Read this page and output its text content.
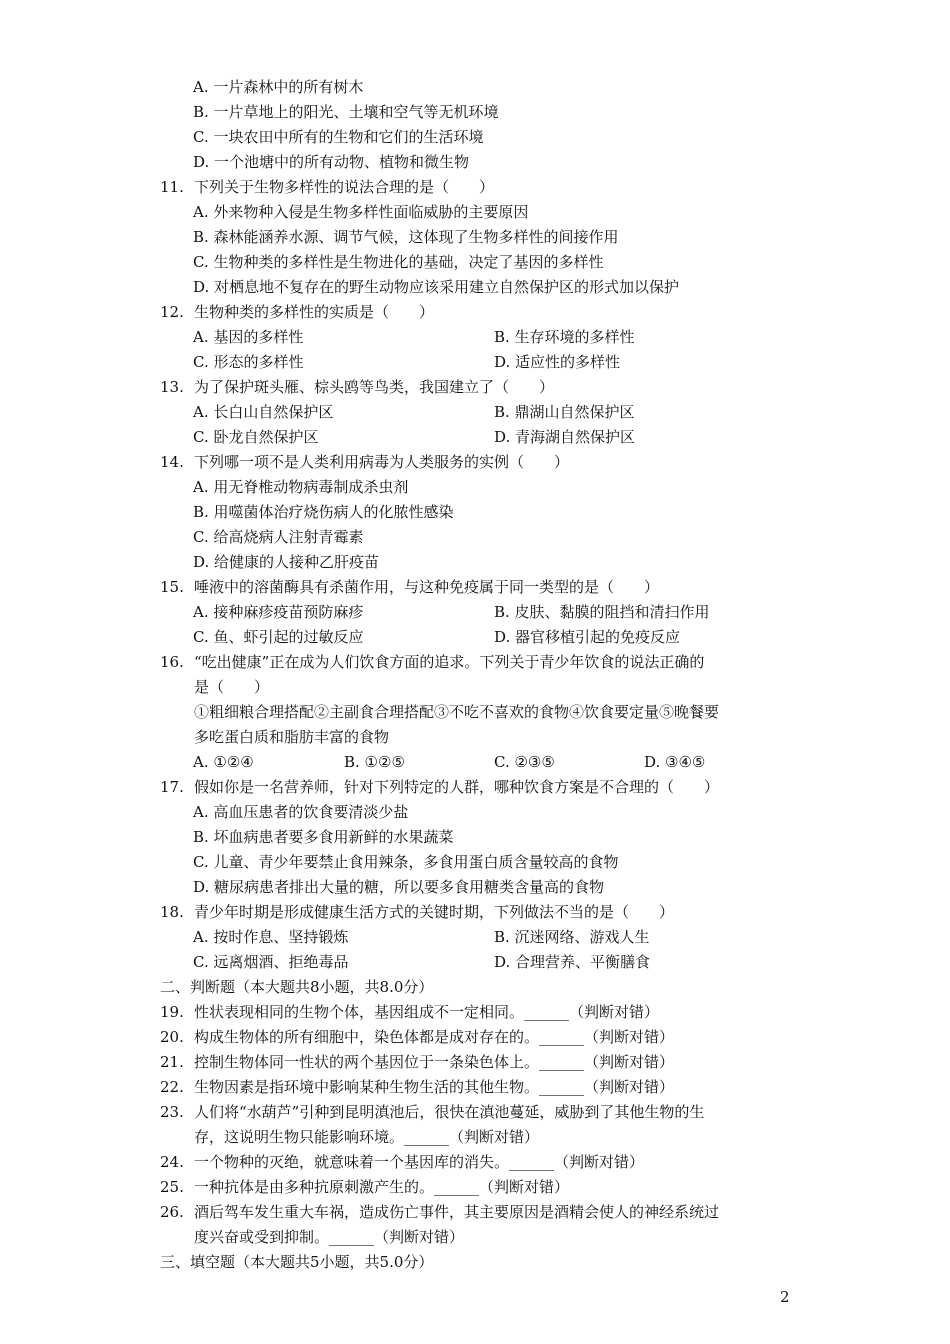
A. 一片森林中的所有树木
B. 一片草地上的阳光、土壤和空气等无机环境
C. 一块农田中所有的生物和它们的生活环境
D. 一个池塘中的所有动物、植物和微生物
11. 下列关于生物多样性的说法合理的是（　　）
A. 外来物种入侵是生物多样性面临威胁的主要原因
B. 森林能涵养水源、调节气候，这体现了生物多样性的间接作用
C. 生物种类的多样性是生物进化的基础，决定了基因的多样性
D. 对栖息地不复存在的野生动物应该采用建立自然保护区的形式加以保护
12. 生物种类的多样性的实质是（　　）
A. 基因的多样性	B. 生存环境的多样性
C. 形态的多样性	D. 适应性的多样性
13. 为了保护斑头雁、棕头鸥等鸟类，我国建立了（　　）
A. 长白山自然保护区	B. 鼎湖山自然保护区
C. 卧龙自然保护区	D. 青海湖自然保护区
14. 下列哪一项不是人类利用病毒为人类服务的实例（　　）
A. 用无脊椎动物病毒制成杀虫剂
B. 用噬菌体治疗烧伤病人的化脓性感染
C. 给高烧病人注射青霉素
D. 给健康的人接种乙肝疫苗
15. 唾液中的溶菌酶具有杀菌作用，与这种免疫属于同一类型的是（　　）
A. 接种麻疹疫苗预防麻疹	B. 皮肤、黏膜的阻挡和清扫作用
C. 鱼、虾引起的过敏反应	D. 器官移植引起的免疫反应
16. “吃出健康”正在成为人们饮食方面的追求。下列关于青少年饮食的说法正确的
是（　　）
①粗细粮合理搭配②主副食合理搭配③不吃不喜欢的食物④饮食要定量⑤晚餐要
多吃蛋白质和脂肪丰富的食物
A. ①②④	B. ①②⑤	C. ②③⑤	D. ③④⑤
17. 假如你是一名营养师，针对下列特定的人群，哪种饮食方案是不合理的（　　）
A. 高血压患者的饮食要清淡少盐
B. 坏血病患者要多食用新鲜的水果蔬菜
C. 儿童、青少年要禁止食用辣条，多食用蛋白质含量较高的食物
D. 糖尿病患者排出大量的糖，所以要多食用糖类含量高的食物
18. 青少年时期是形成健康生活方式的关键时期，下列做法不当的是（　　）
A. 按时作息、坚持锻炼	B. 沉迷网络、游戏人生
C. 远离烟酒、拒绝毒品	D. 合理营养、平衡膳食
二、判断题（本大题共8小题，共8.0分）
19. 性状表现相同的生物个体，基因组成不一定相同。______（判断对错）
20. 构成生物体的所有细胞中，染色体都是成对存在的。______（判断对错）
21. 控制生物体同一性状的两个基因位于一条染色体上。______（判断对错）
22. 生物因素是指环境中影响某种生物生活的其他生物。______（判断对错）
23. 人们将“水葫芦”引种到昆明滇池后，很快在滇池蔓延，威胁到了其他生物的生
存，这说明生物只能影响环境。______（判断对错）
24. 一个物种的灭绝，就意味着一个基因库的消失。______（判断对错）
25. 一种抗体是由多种抗原刺激产生的。______（判断对错）
26. 酒后驾车发生重大车祸，造成伤亡事件，其主要原因是酒精会使人的神经系统过
度兴奋或受到抑制。______（判断对错）
三、填空题（本大题共5小题，共5.0分）
2
